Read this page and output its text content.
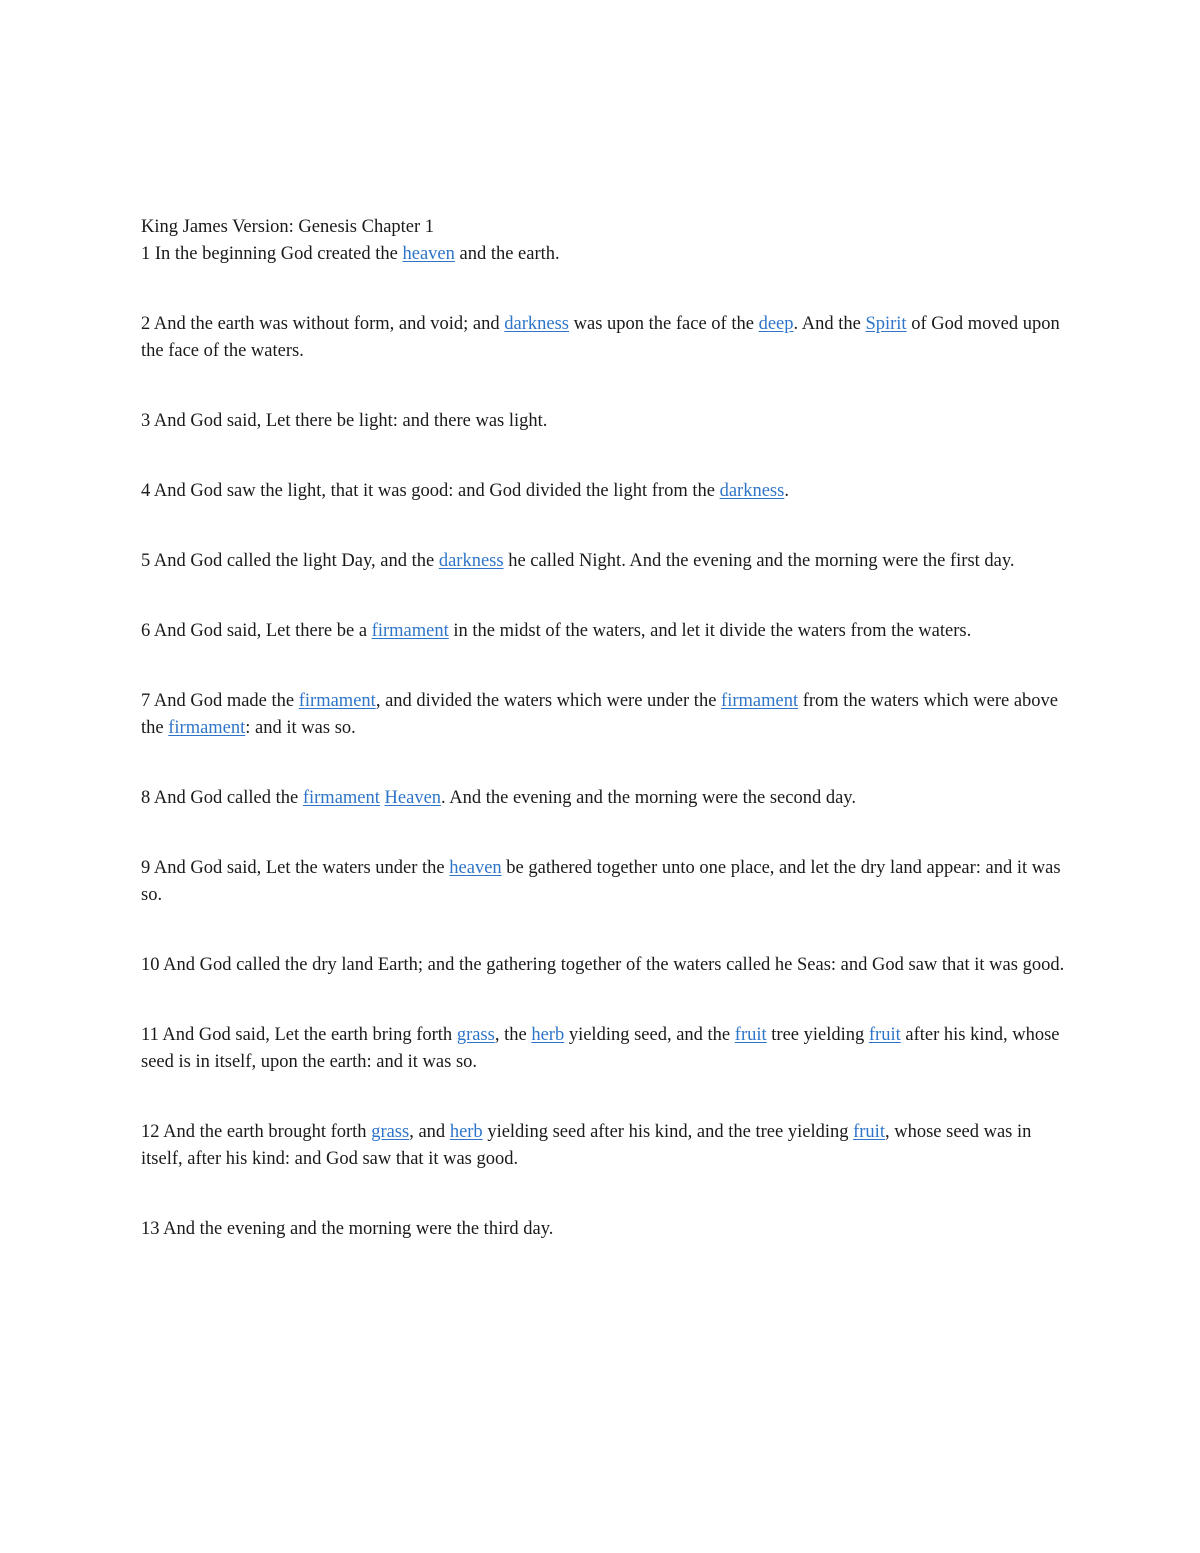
King James Version: Genesis Chapter 1

1 In the beginning God created the heaven and the earth.

2 And the earth was without form, and void; and darkness was upon the face of the deep. And the Spirit of God moved upon the face of the waters.

3 And God said, Let there be light: and there was light.

4 And God saw the light, that it was good: and God divided the light from the darkness.

5 And God called the light Day, and the darkness he called Night. And the evening and the morning were the first day.

6 And God said, Let there be a firmament in the midst of the waters, and let it divide the waters from the waters.

7 And God made the firmament, and divided the waters which were under the firmament from the waters which were above the firmament: and it was so.

8 And God called the firmament Heaven. And the evening and the morning were the second day.

9 And God said, Let the waters under the heaven be gathered together unto one place, and let the dry land appear: and it was so.

10 And God called the dry land Earth; and the gathering together of the waters called he Seas: and God saw that it was good.

11 And God said, Let the earth bring forth grass, the herb yielding seed, and the fruit tree yielding fruit after his kind, whose seed is in itself, upon the earth: and it was so.

12 And the earth brought forth grass, and herb yielding seed after his kind, and the tree yielding fruit, whose seed was in itself, after his kind: and God saw that it was good.

13 And the evening and the morning were the third day.
